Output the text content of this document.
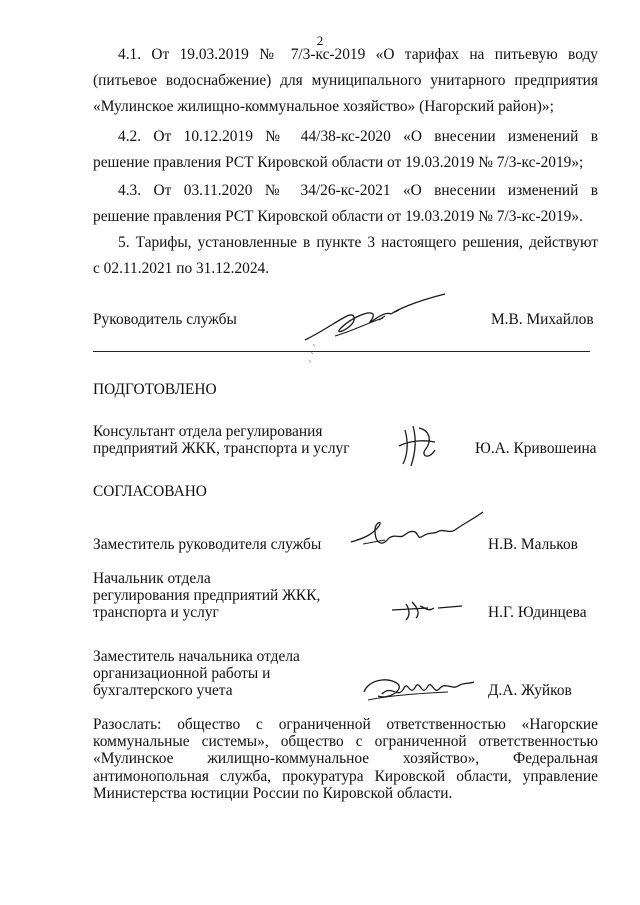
2
4.1. От 19.03.2019 № 7/3-кс-2019 «О тарифах на питьевую воду
(питьевое водоснабжение) для муниципального унитарного предприятия
«Мулинское жилищно-коммунальное хозяйство» (Нагорский район)»;
4.2. От 10.12.2019 № 44/38-кс-2020 «О внесении изменений в
решение правления РСТ Кировской области от 19.03.2019 № 7/3-кс-2019»;
4.3. От 03.11.2020 № 34/26-кс-2021 «О внесении изменений в
решение правления РСТ Кировской области от 19.03.2019 № 7/3-кс-2019».
5. Тарифы, установленные в пункте 3 настоящего решения, действуют
с 02.11.2021 по 31.12.2024.
Руководитель службы	М.В. Михайлов
ПОДГОТОВЛЕНО
Консультант отдела регулирования
предприятий ЖКК, транспорта и услуг	Ю.А. Кривошеина
СОГЛАСОВАНО
Заместитель руководителя службы	Н.В. Мальков
Начальник отдела
регулирования предприятий ЖКК,
транспорта и услуг	Н.Г. Юдинцева
Заместитель начальника отдела
организационной работы и
бухгалтерского учета	Д.А. Жуйков
Разослать: общество с ограниченной ответственностью «Нагорские
коммунальные системы», общество с ограниченной ответственностью
«Мулинское жилищно-коммунальное хозяйство», Федеральная
антимонопольная служба, прокуратура Кировской области, управление
Министерства юстиции России по Кировской области.
